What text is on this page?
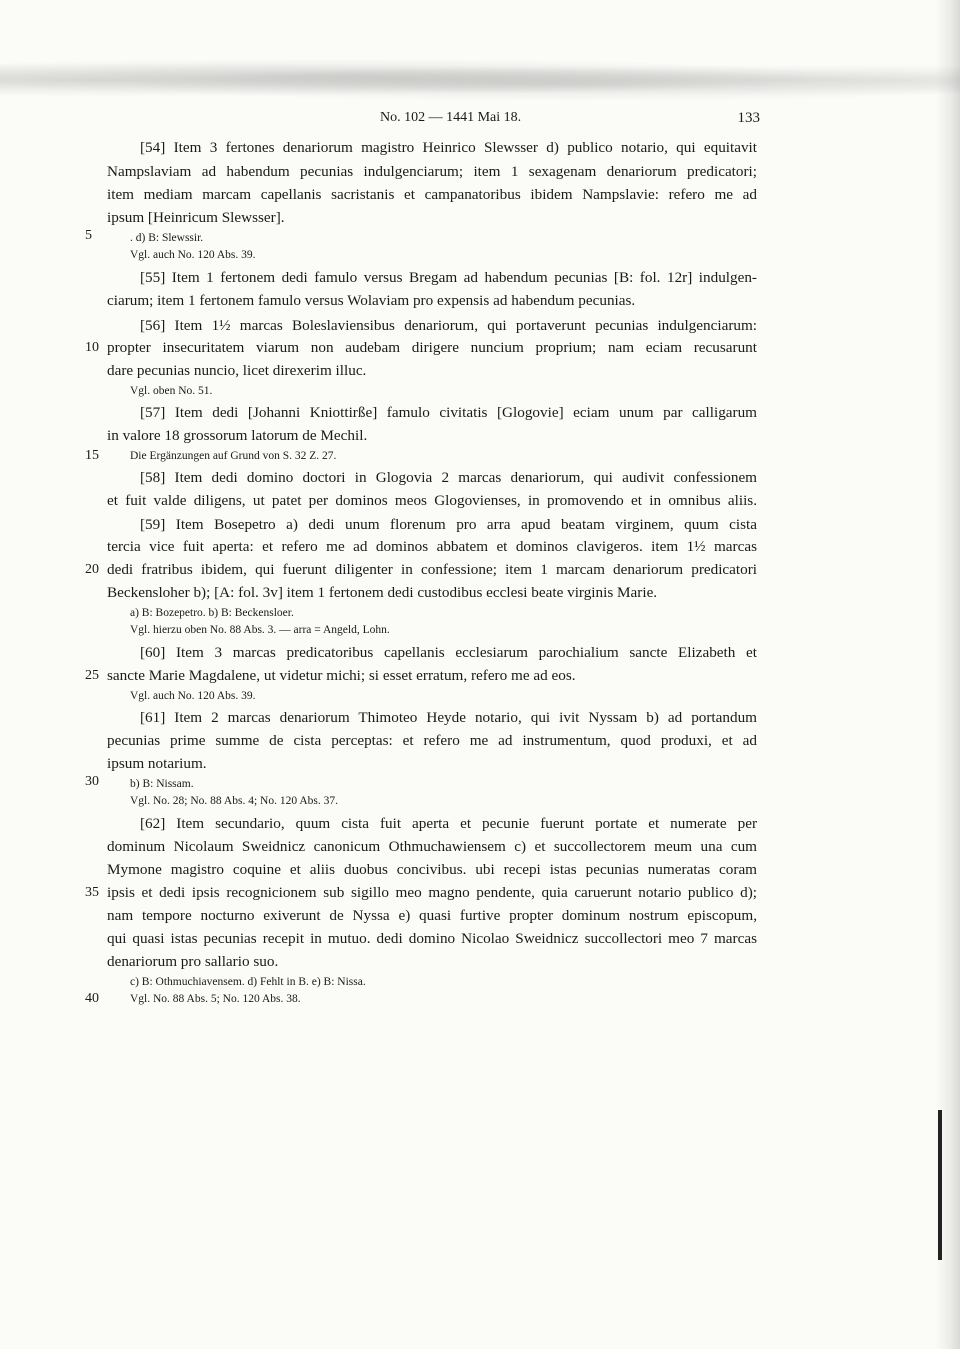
No. 102 — 1441 Mai 18.	133
[54] Item 3 fertones denariorum magistro Heinrico Slewsser d) publico notario, qui equitavit
Nampslaviam ad habendum pecunias indulgenciarum; item 1 sexagenam denariorum predicatori;
item mediam marcam capellanis sacristanis et campanatoribus ibidem Nampslavie: refero me ad
ipsum [Heinricum Slewsser].
. d) B: Slewssir.
Vgl. auch No. 120 Abs. 39.
[55] Item 1 fertonem dedi famulo versus Bregam ad habendum pecunias [B: fol. 12r] indulgen-
ciarum; item 1 fertonem famulo versus Wolaviam pro expensis ad habendum pecunias.
[56] Item 1½ marcas Boleslaviensibus denariorum, qui portaverunt pecunias indulgenciarum:
propter insecuritatem viarum non audebam dirigere nuncium proprium; nam eciam recusarunt
dare pecunias nuncio, licet direxerim illuc.
Vgl. oben No. 51.
[57] Item dedi [Johanni Kniottirße] famulo civitatis [Glogovie] eciam unum par calligarum
in valore 18 grossorum latorum de Mechil.
Die Ergänzungen auf Grund von S. 32 Z. 27.
[58] Item dedi domino doctori in Glogovia 2 marcas denariorum, qui audivit confessionem
et fuit valde diligens, ut patet per dominos meos Glogovienses, in promovendo et in omnibus aliis.
[59] Item Bosepetro a) dedi unum florenum pro arra apud beatam virginem, quum cista
tercia vice fuit aperta: et refero me ad dominos abbatem et dominos clavigeros. item 1½ marcas
dedi fratribus ibidem, qui fuerunt diligenter in confessione; item 1 marcam denariorum predicatori
Beckensloher b); [A: fol. 3v] item 1 fertonem dedi custodibus ecclesi beate virginis Marie.
a) B: Bozepetro. b) B: Beckensloer.
Vgl. hierzu oben No. 88 Abs. 3. — arra = Angeld, Lohn.
[60] Item 3 marcas predicatoribus capellanis ecclesiarum parochialium sancte Elizabeth et
sancte Marie Magdalene, ut videtur michi; si esset erratum, refero me ad eos.
Vgl. auch No. 120 Abs. 39.
[61] Item 2 marcas denariorum Thimoteo Heyde notario, qui ivit Nyssam b) ad portandum
pecunias prime summe de cista perceptas: et refero me ad instrumentum, quod produxi, et ad
ipsum notarium.
b) B: Nissam.
Vgl. No. 28; No. 88 Abs. 4; No. 120 Abs. 37.
[62] Item secundario, quum cista fuit aperta et pecunie fuerunt portate et numerate per
dominum Nicolaum Sweidnicz canonicum Othmuchawiensem c) et succollectorem meum una cum
Mymone magistro coquine et aliis duobus concivibus. ubi recepi istas pecunias numeratas coram
ipsis et dedi ipsis recognicionem sub sigillo meo magno pendente, quia caruerunt notario publico d);
nam tempore nocturno exiverunt de Nyssa e) quasi furtive propter dominum nostrum episcopum,
qui quasi istas pecunias recepit in mutuo. dedi domino Nicolao Sweidnicz succollectori meo 7 marcas
denariorum pro sallario suo.
c) B: Othmuchiavensem. d) Fehlt in B. e) B: Nissa.
Vgl. No. 88 Abs. 5; No. 120 Abs. 38.
5
10
15
20
25
30
35
40
